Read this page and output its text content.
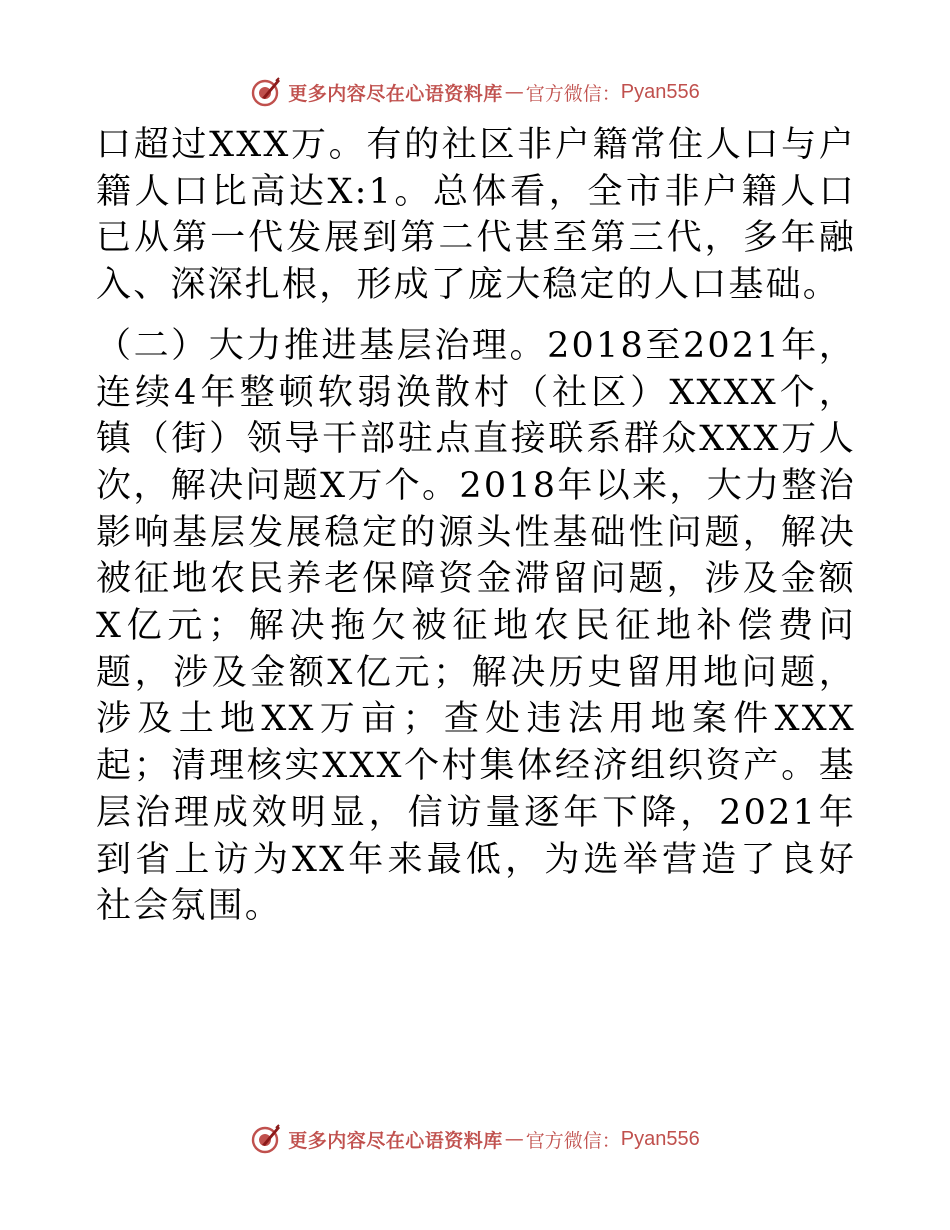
更多内容尽在心语资料库 — 官方微信： Pyan556

口超过XXX万。有的社区非户籍常住人口与户籍人口比高达X:1。总体看，全市非户籍人口已从第一代发展到第二代甚至第三代，多年融入、深深扎根，形成了庞大稳定的人口基础。

（二）大力推进基层治理。2018至2021年，连续4年整顿软弱涣散村（社区）XXXX个，镇（街）领导干部驻点直接联系群众XXX万人次，解决问题X万个。2018年以来，大力整治影响基层发展稳定的源头性基础性问题，解决被征地农民养老保障资金滞留问题，涉及金额X亿元；解决拖欠被征地农民征地补偿费问题，涉及金额X亿元；解决历史留用地问题，涉及土地XX万亩；查处违法用地案件XXX起；清理核实XXX个村集体经济组织资产。基层治理成效明显，信访量逐年下降，2021年到省上访为XX年来最低，为选举营造了良好社会氛围。

更多内容尽在心语资料库 — 官方微信： Pyan556
